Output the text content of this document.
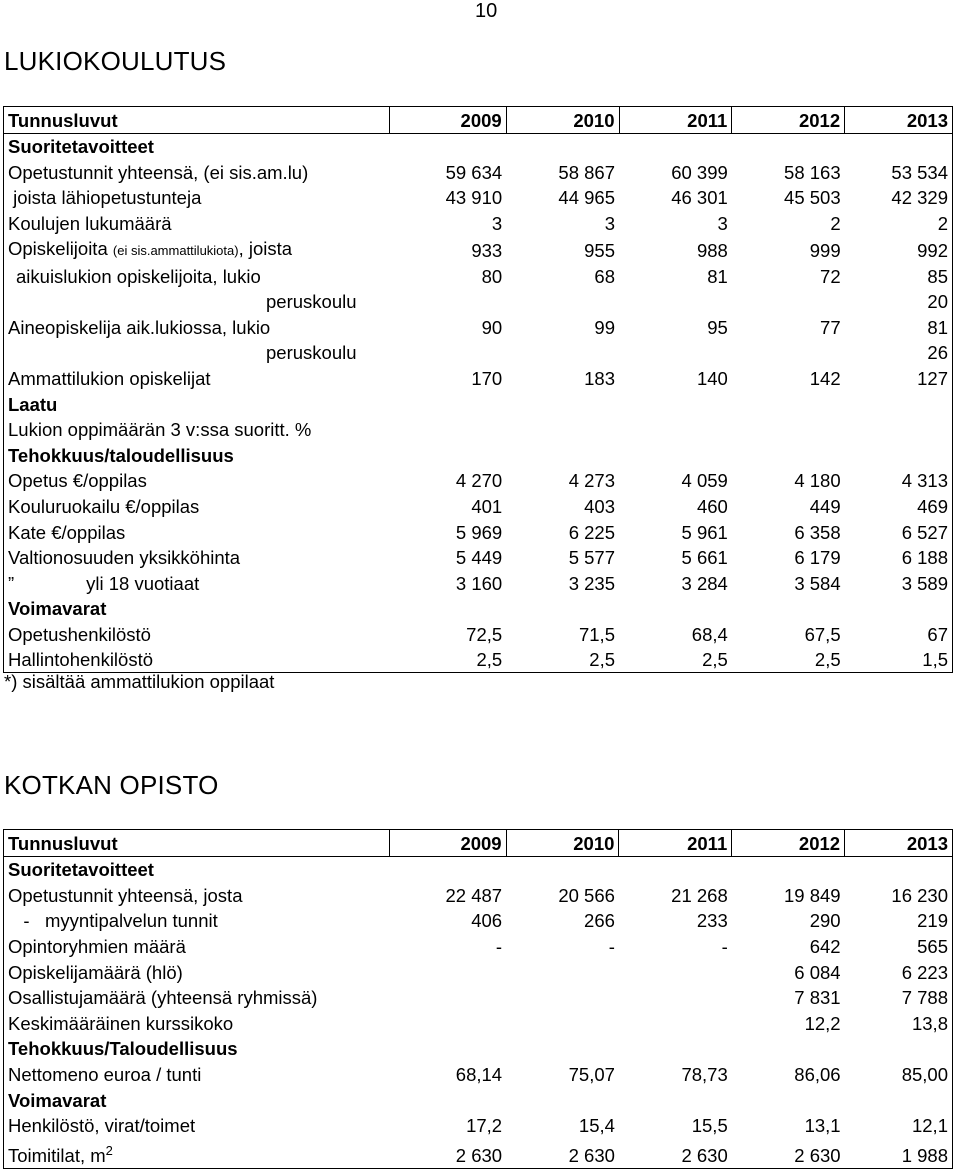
10
LUKIOKOULUTUS
Tunnusluvut	2009	2010	2011	2012	2013
Suoritetavoitteet					
Opetustunnit yhteensä, (ei sis.am.lu)	59 634	58 867	60 399	58 163	53 534
joista lähiopetustunteja	43 910	44 965	46 301	45 503	42 329
Koulujen lukumäärä	3	3	3	2	2
Opiskelijoita (ei sis.ammattilukiota), joista	933	955	988	999	992
aikuislukion opiskelijoita, lukio	80	68	81	72	85
peruskoulu					20
Aineopiskelija aik.lukiossa, lukio	90	99	95	77	81
peruskoulu					26
Ammattilukion opiskelijat	170	183	140	142	127
Laatu					
Lukion oppimäärän 3 v:ssa suoritt. %					
Tehokkuus/taloudellisuus					
Opetus €/oppilas	4 270	4 273	4 059	4 180	4 313
Kouluruokailu €/oppilas	401	403	460	449	469
Kate €/oppilas	5 969	6 225	5 961	6 358	6 527
Valtionosuuden yksikköhinta	5 449	5 577	5 661	6 179	6 188
”              yli 18 vuotiaat	3 160	3 235	3 284	3 584	3 589
Voimavarat					
Opetushenkilöstö	72,5	71,5	68,4	67,5	67
Hallintohenkilöstö	2,5	2,5	2,5	2,5	1,5
*) sisältää ammattilukion oppilaat
KOTKAN OPISTO
Tunnusluvut	2009	2010	2011	2012	2013
Suoritetavoitteet					
Opetustunnit yhteensä, josta	22 487	20 566	21 268	19 849	16 230
-   myyntipalvelun tunnit	406	266	233	290	219
Opintoryhmien määrä	-	-	-	642	565
Opiskelijamäärä (hlö)				6 084	6 223
Osallistujamäärä (yhteensä ryhmissä)				7 831	7 788
Keskimääräinen kurssikoko				12,2	13,8
Tehokkuus/Taloudellisuus					
Nettomeno euroa / tunti	68,14	75,07	78,73	86,06	85,00
Voimavarat					
Henkilöstö, virat/toimet	17,2	15,4	15,5	13,1	12,1
Toimitilat, $m^2$	2 630	2 630	2 630	2 630	1 988
